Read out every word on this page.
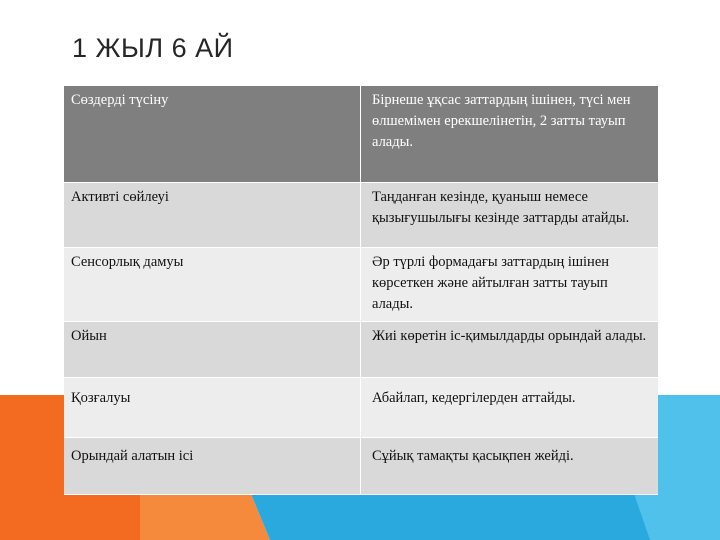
1 ЖЫЛ 6 АЙ
Сөздерді түсіну	Бірнеше ұқсас заттардың ішінен, түсі мен өлшемімен ерекшелінетін, 2 затты тауып алады.
Активті сөйлеуі	Таңданған кезінде, қуаныш немесе қызығушылығы кезінде заттарды атайды.
Сенсорлық дамуы	Әр түрлі формадағы заттардың ішінен көрсеткен және айтылған затты тауып алады.
Ойын	Жиі көретін іс-қимылдарды орындай алады.
Қозғалуы	Абайлап, кедергілерден аттайды.
Орындай алатын ісі	Сұйық тамақты қасықпен жейді.
